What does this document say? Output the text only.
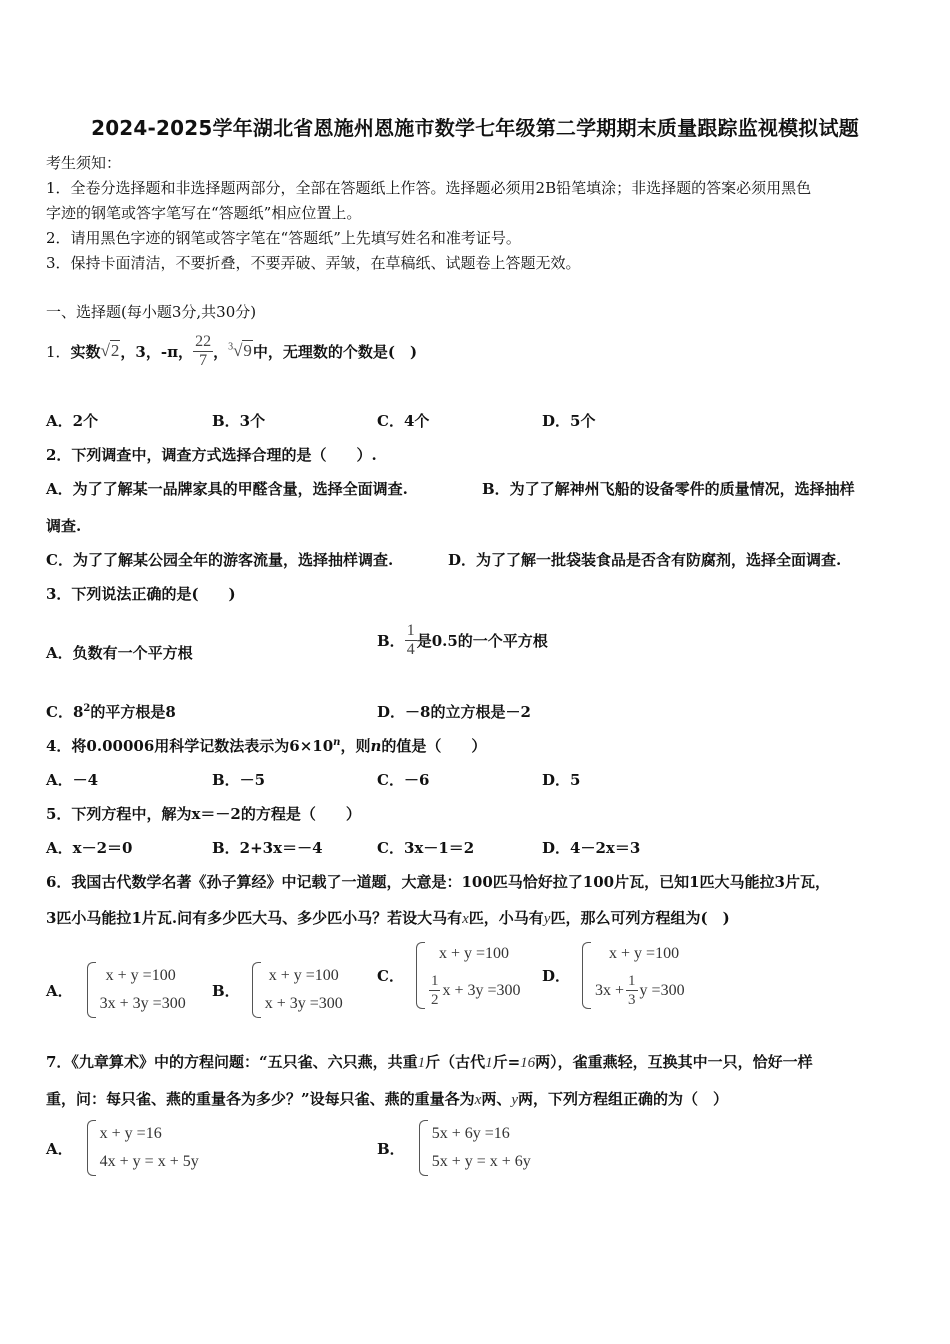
2024-2025学年湖北省恩施州恩施市数学七年级第二学期期末质量跟踪监视模拟试题
考生须知：
1．全卷分选择题和非选择题两部分，全部在答题纸上作答。选择题必须用2B铅笔填涂；非选择题的答案必须用黑色
字迹的钢笔或答字笔写在“答题纸”相应位置上。
2．请用黑色字迹的钢笔或答字笔在“答题纸”上先填写姓名和准考证号。
3．保持卡面清洁，不要折叠，不要弄破、弄皱，在草稿纸、试题卷上答题无效。
一、选择题(每小题3分,共30分)
1． 实数 √2 ，3，-π， $\frac{22}{7}$ ， $^3$√9 中，无理数的个数是(　)
A．2个	B．3个	C．4个	D．5个
2．下列调查中，调查方式选择合理的是（　　）.
A．为了了解某一品牌家具的甲醛含量，选择全面调查.	B．为了了解神州飞船的设备零件的质量情况，选择抽样
调查.
C．为了了解某公园全年的游客流量，选择抽样调查.	D．为了了解一批袋装食品是否含有防腐剂，选择全面调查.
3．下列说法正确的是(　　)
A．负数有一个平方根
B． $\frac{1}{4}$ 是0.5的一个平方根
C．$8^2$的平方根是8	D．－8的立方根是－2
4．将0.00006用科学记数法表示为$6\times 10^n$，则n的值是（　　）
A．－4	B．－5	C．－6	D．5
5．下列方程中，解为x＝－2的方程是（　　）
A．x－2＝0	B．2+3x＝－4	C．3x－1＝2	D．4－2x＝3
6．我国古代数学名著《孙子算经》中记载了一道题，大意是：100匹马恰好拉了100片瓦，已知1匹大马能拉3片瓦，
3匹小马能拉1片瓦.问有多少匹大马、多少匹小马？若设大马有x匹，小马有y匹，那么可列方程组为(　)
A．
x + y =100
3x + 3y =300
B．
x + y =100
x + 3y =300
C．
x + y =100
$\frac{1}{2}$ x + 3y =300
D．
x + y =100
$3x + \frac{1}{3}$ y =300
7．《九章算术》中的方程问题：“五只雀、六只燕，共重1斤（古代1斤=16两），雀重燕轻，互换其中一只，恰好一样
重，问：每只雀、燕的重量各为多少？”设每只雀、燕的重量各为x两、y两，下列方程组正确的为（　）
A．
x + y =16
4x + y = x + 5y
B．
5x + 6y =16
5x + y = x + 6y
